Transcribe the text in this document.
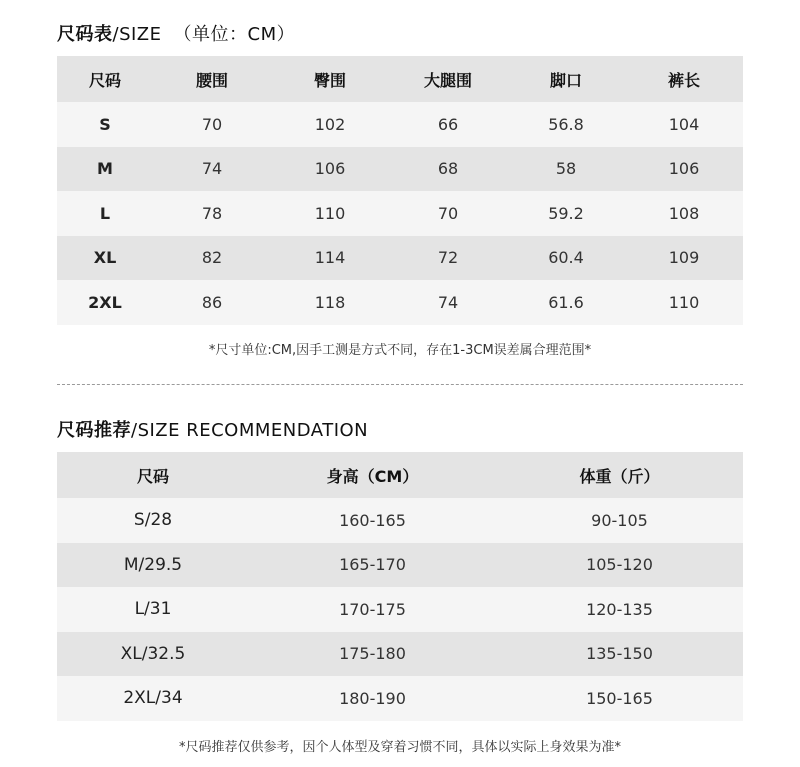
尺码表/SIZE （单位：CM）
尺码	腰围	臀围	大腿围	脚口	裤长
S	70	102	66	56.8	104
M	74	106	68	58	106
L	78	110	70	59.2	108
XL	82	114	72	60.4	109
2XL	86	118	74	61.6	110
*尺寸单位:CM,因手工测是方式不同，存在1-3CM误差属合理范围*
尺码推荐/SIZE RECOMMENDATION
尺码	身高（CM）	体重（斤）
S/28	160-165	90-105
M/29.5	165-170	105-120
L/31	170-175	120-135
XL/32.5	175-180	135-150
2XL/34	180-190	150-165
*尺码推荐仅供参考，因个人体型及穿着习惯不同，具体以实际上身效果为准*
